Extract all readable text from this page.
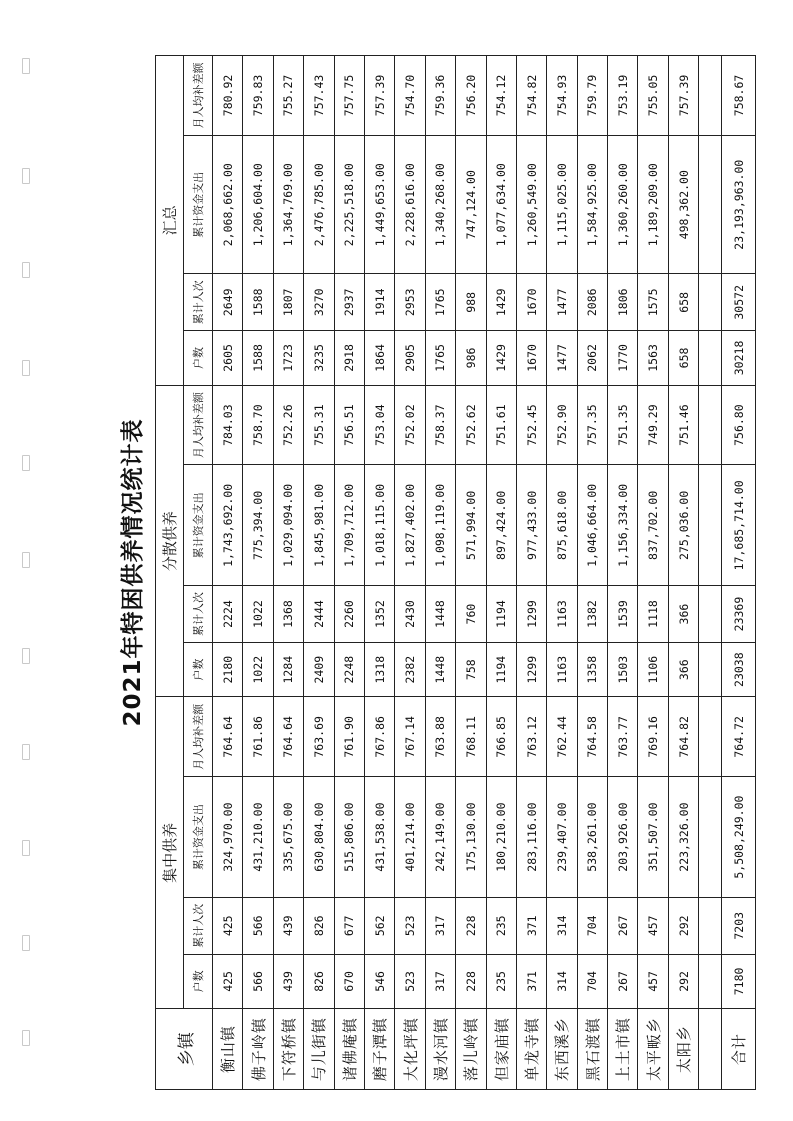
2021年特困供养情况统计表
乡镇	集中供养				分散供养				汇总			
	户数	累计人次	累计资金支出	月人均补差额	户数	累计人次	累计资金支出	月人均补差额	户数	累计人次	累计资金支出	月人均补差额
衡山镇	425	425	324,970.00	764.64	2180	2224	1,743,692.00	784.03	2605	2649	2,068,662.00	780.92
佛子岭镇	566	566	431,210.00	761.86	1022	1022	775,394.00	758.70	1588	1588	1,206,604.00	759.83
下符桥镇	439	439	335,675.00	764.64	1284	1368	1,029,094.00	752.26	1723	1807	1,364,769.00	755.27
与儿街镇	826	826	630,804.00	763.69	2409	2444	1,845,981.00	755.31	3235	3270	2,476,785.00	757.43
诸佛庵镇	670	677	515,806.00	761.90	2248	2260	1,709,712.00	756.51	2918	2937	2,225,518.00	757.75
磨子潭镇	546	562	431,538.00	767.86	1318	1352	1,018,115.00	753.04	1864	1914	1,449,653.00	757.39
大化坪镇	523	523	401,214.00	767.14	2382	2430	1,827,402.00	752.02	2905	2953	2,228,616.00	754.70
漫水河镇	317	317	242,149.00	763.88	1448	1448	1,098,119.00	758.37	1765	1765	1,340,268.00	759.36
落儿岭镇	228	228	175,130.00	768.11	758	760	571,994.00	752.62	986	988	747,124.00	756.20
但家庙镇	235	235	180,210.00	766.85	1194	1194	897,424.00	751.61	1429	1429	1,077,634.00	754.12
单龙寺镇	371	371	283,116.00	763.12	1299	1299	977,433.00	752.45	1670	1670	1,260,549.00	754.82
东西溪乡	314	314	239,407.00	762.44	1163	1163	875,618.00	752.90	1477	1477	1,115,025.00	754.93
黑石渡镇	704	704	538,261.00	764.58	1358	1382	1,046,664.00	757.35	2062	2086	1,584,925.00	759.79
上土市镇	267	267	203,926.00	763.77	1503	1539	1,156,334.00	751.35	1770	1806	1,360,260.00	753.19
太平畈乡	457	457	351,507.00	769.16	1106	1118	837,702.00	749.29	1563	1575	1,189,209.00	755.05
太阳乡	292	292	223,326.00	764.82	366	366	275,036.00	751.46	658	658	498,362.00	757.39

合计	7180	7203	5,508,249.00	764.72	23038	23369	17,685,714.00	756.80	30218	30572	23,193,963.00	758.67
